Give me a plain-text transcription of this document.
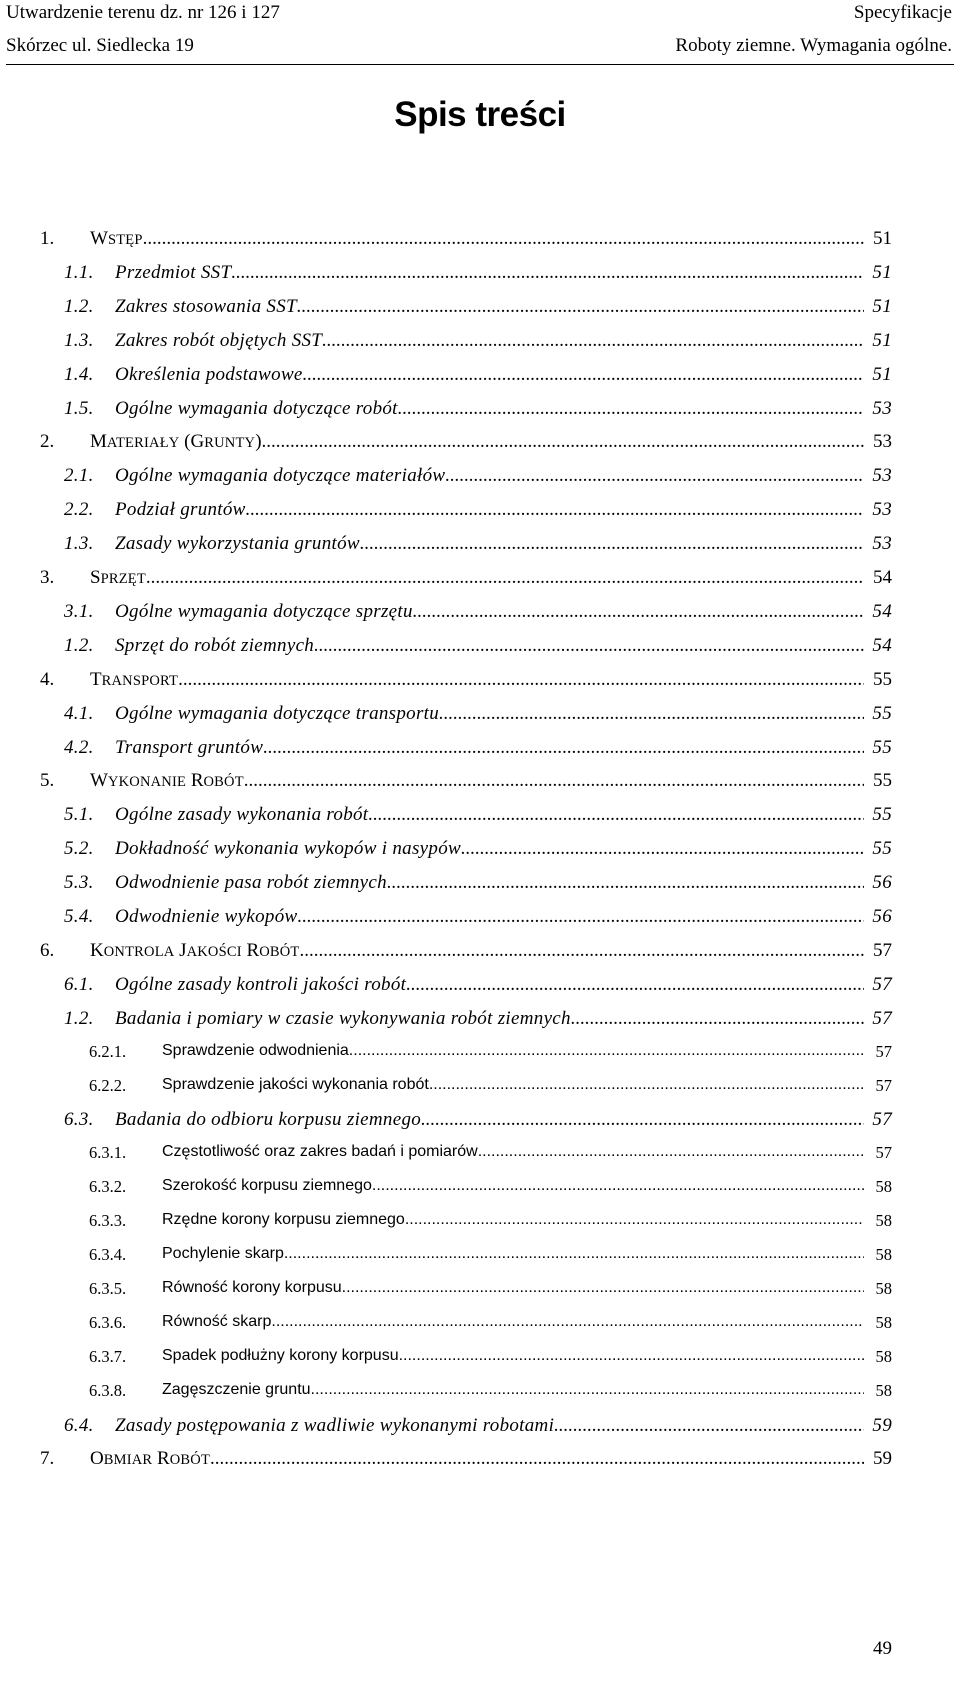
Utwardzenie terenu dz. nr 126 i 127
Skórzec ul. Siedlecka 19
Specyfikacje
Roboty ziemne. Wymagania ogólne.
Spis treści
1. WSTĘP .....	51
1.1. Przedmiot SST .....	51
1.2. Zakres stosowania SST .....	51
1.3. Zakres robót objętych SST .....	51
1.4. Określenia podstawowe .....	51
1.5. Ogólne wymagania dotyczące robót .....	53
2. MATERIAŁY (GRUNTY) .....	53
2.1. Ogólne wymagania dotyczące materiałów .....	53
2.2. Podział gruntów .....	53
1.3. Zasady wykorzystania gruntów .....	53
3. SPRZĘT .....	54
3.1. Ogólne wymagania dotyczące sprzętu .....	54
1.2. Sprzęt do robót ziemnych .....	54
4. TRANSPORT .....	55
4.1. Ogólne wymagania dotyczące transportu .....	55
4.2. Transport gruntów .....	55
5. WYKONANIE ROBÓT .....	55
5.1. Ogólne zasady wykonania robót .....	55
5.2. Dokładność wykonania wykopów i nasypów .....	55
5.3. Odwodnienie pasa robót ziemnych .....	56
5.4. Odwodnienie wykopów .....	56
6. KONTROLA JAKOŚCI ROBÓT .....	57
6.1. Ogólne zasady kontroli jakości robót .....	57
1.2. Badania i pomiary w czasie wykonywania robót ziemnych .....	57
6.2.1. Sprawdzenie odwodnienia .....	57
6.2.2. Sprawdzenie jakości wykonania robót .....	57
6.3. Badania do odbioru korpusu ziemnego .....	57
6.3.1. Częstotliwość oraz zakres badań i pomiarów .....	57
6.3.2. Szerokość korpusu ziemnego .....	58
6.3.3. Rzędne korony korpusu ziemnego .....	58
6.3.4. Pochylenie skarp .....	58
6.3.5. Równość korony korpusu .....	58
6.3.6. Równość skarp .....	58
6.3.7. Spadek podłużny korony korpusu .....	58
6.3.8. Zagęszczenie gruntu .....	58
6.4. Zasady postępowania z wadliwie wykonanymi robotami .....	59
7. OBMIAR ROBÓT .....	59
49
